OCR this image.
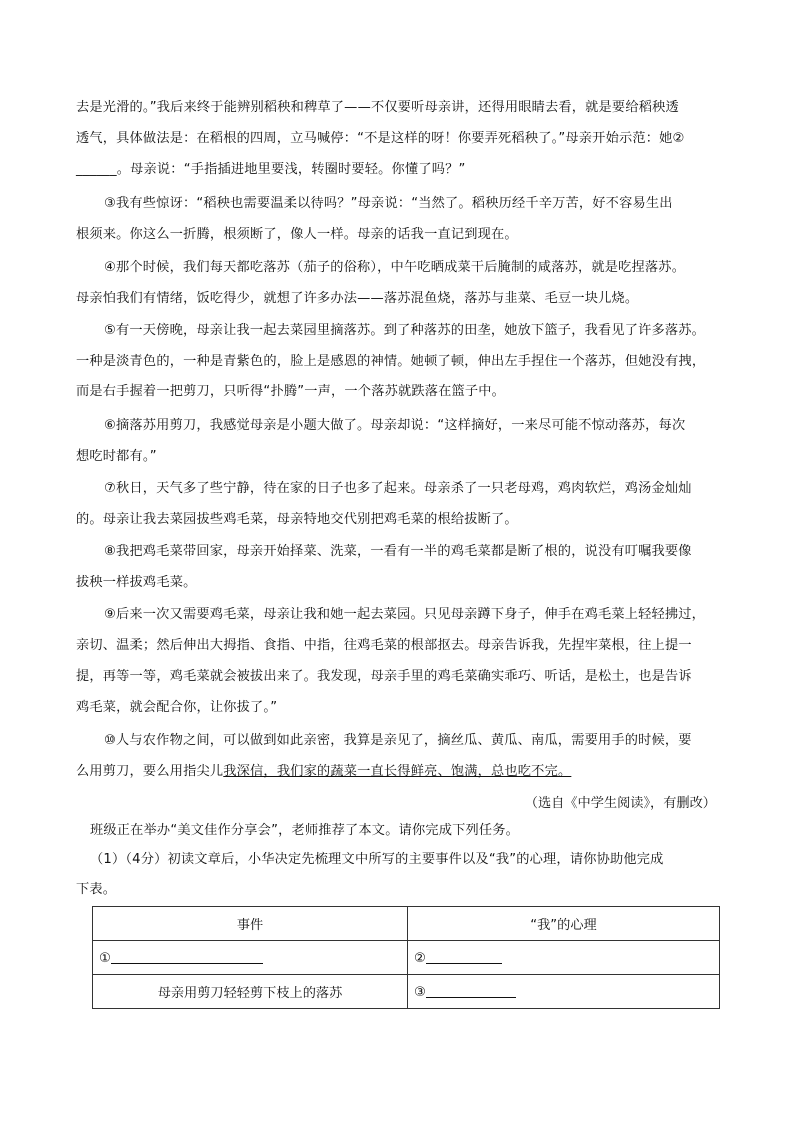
去是光滑的。”我后来终于能辨别稻秧和稗草了——不仅要听母亲讲，还得用眼睛去看，就是要给稻秧透
透气，具体做法是：在稻根的四周，立马喊停：“不是这样的呀！你要弄死稻秧了。”母亲开始示范：她②
______。母亲说：“手指插进地里要浅，转圈时要轻。你懂了吗？”
③我有些惊讶：“稻秧也需要温柔以待吗？”母亲说：“当然了。稻秧历经千辛万苦，好不容易生出
根须来。你这么一折腾，根须断了，像人一样。母亲的话我一直记到现在。
④那个时候，我们每天都吃落苏（茄子的俗称），中午吃晒成菜干后腌制的咸落苏，就是吃捏落苏。
母亲怕我们有情绪，饭吃得少，就想了许多办法——落苏混鱼烧，落苏与韭菜、毛豆一块儿烧。
⑤有一天傍晚，母亲让我一起去菜园里摘落苏。到了种落苏的田垄，她放下篮子，我看见了许多落苏。
一种是淡青色的，一种是青紫色的，脸上是感恩的神情。她顿了顿，伸出左手捏住一个落苏，但她没有拽，
而是右手握着一把剪刀，只听得“扑腾”一声，一个落苏就跌落在篮子中。
⑥摘落苏用剪刀，我感觉母亲是小题大做了。母亲却说：“这样摘好，一来尽可能不惊动落苏，每次
想吃时都有。”
⑦秋日，天气多了些宁静，待在家的日子也多了起来。母亲杀了一只老母鸡，鸡肉软烂，鸡汤金灿灿
的。母亲让我去菜园拔些鸡毛菜，母亲特地交代别把鸡毛菜的根给拔断了。
⑧我把鸡毛菜带回家，母亲开始择菜、洗菜，一看有一半的鸡毛菜都是断了根的，说没有叮嘱我要像
拔秧一样拔鸡毛菜。
⑨后来一次又需要鸡毛菜，母亲让我和她一起去菜园。只见母亲蹲下身子，伸手在鸡毛菜上轻轻拂过，
亲切、温柔；然后伸出大拇指、食指、中指，往鸡毛菜的根部抠去。母亲告诉我，先捏牢菜根，往上提一
提，再等一等，鸡毛菜就会被拔出来了。我发现，母亲手里的鸡毛菜确实乖巧、听话，是松土，也是告诉
鸡毛菜，就会配合你，让你拔了。”
⑩人与农作物之间，可以做到如此亲密，我算是亲见了，摘丝瓜、黄瓜、南瓜，需要用手的时候，要
么用剪刀，要么用指尖儿我深信，我们家的蔬菜一直长得鲜亮、饱满，总也吃不完。
（选自《中学生阅读》，有删改）
班级正在举办“美文佳作分享会”，老师推荐了本文。请你完成下列任务。
（1）（4分）初读文章后，小华决定先梳理文中所写的主要事件以及“我”的心理，请你协助他完成
下表。
事件	“我”的心理
①	②
母亲用剪刀轻轻剪下枝上的落苏	③
